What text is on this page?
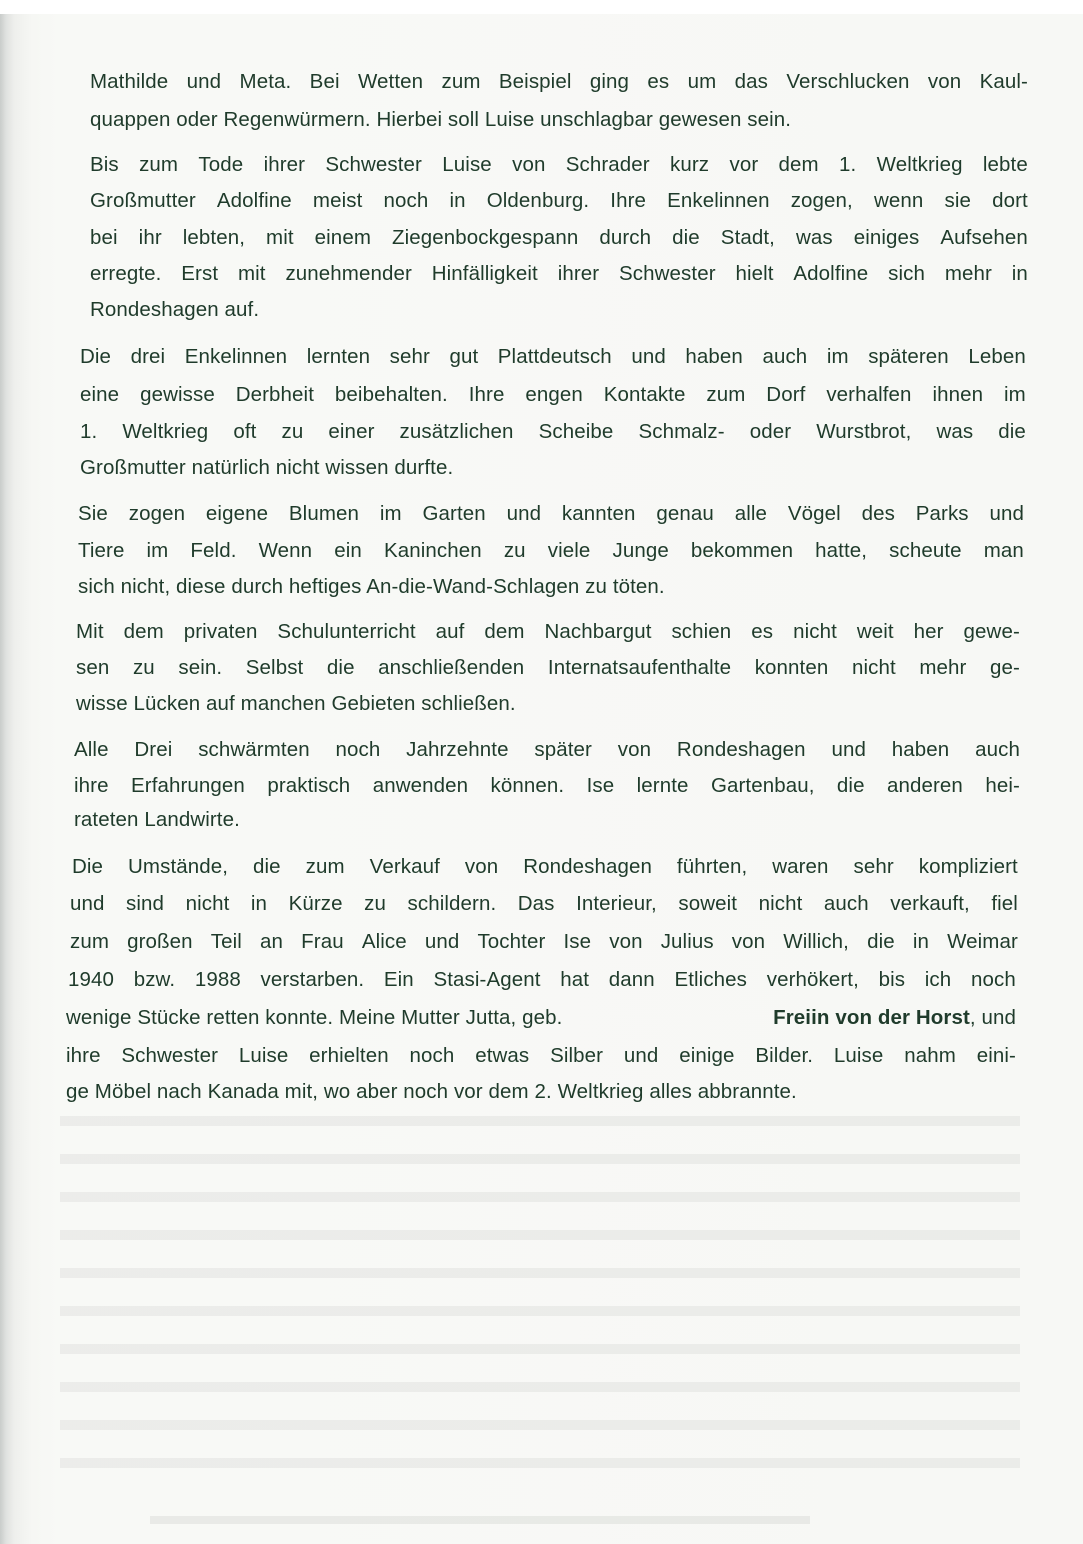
Mathilde und Meta. Bei Wetten zum Beispiel ging es um das Verschlucken von Kaul-
quappen oder Regenwürmern. Hierbei soll Luise unschlagbar gewesen sein.
Bis zum Tode ihrer Schwester Luise von Schrader kurz vor dem 1. Weltkrieg lebte
Großmutter Adolfine meist noch in Oldenburg. Ihre Enkelinnen zogen, wenn sie dort
bei ihr lebten, mit einem Ziegenbockgespann durch die Stadt, was einiges Aufsehen
erregte. Erst mit zunehmender Hinfälligkeit ihrer Schwester hielt Adolfine sich mehr in
Rondeshagen auf.
Die drei Enkelinnen lernten sehr gut Plattdeutsch und haben auch im späteren Leben
eine gewisse Derbheit beibehalten. Ihre engen Kontakte zum Dorf verhalfen ihnen im
1. Weltkrieg oft zu einer zusätzlichen Scheibe Schmalz- oder Wurstbrot, was die
Großmutter natürlich nicht wissen durfte.
Sie zogen eigene Blumen im Garten und kannten genau alle Vögel des Parks und
Tiere im Feld. Wenn ein Kaninchen zu viele Junge bekommen hatte, scheute man
sich nicht, diese durch heftiges An-die-Wand-Schlagen zu töten.
Mit dem privaten Schulunterricht auf dem Nachbargut schien es nicht weit her gewe-
sen zu sein. Selbst die anschließenden Internatsaufenthalte konnten nicht mehr ge-
wisse Lücken auf manchen Gebieten schließen.
Alle Drei schwärmten noch Jahrzehnte später von Rondeshagen und haben auch
ihre Erfahrungen praktisch anwenden können. Ise lernte Gartenbau, die anderen hei-
rateten Landwirte.
Die Umstände, die zum Verkauf von Rondeshagen führten, waren sehr kompliziert
und sind nicht in Kürze zu schildern. Das Interieur, soweit nicht auch verkauft, fiel
zum großen Teil an Frau Alice und Tochter Ise von Julius von Willich, die in Weimar
1940 bzw. 1988 verstarben. Ein Stasi-Agent hat dann Etliches verhökert, bis ich noch
wenige Stücke retten konnte. Meine Mutter Jutta, geb.	Freiin von der Horst, und
ihre Schwester Luise erhielten noch etwas Silber und einige Bilder. Luise nahm eini-
ge Möbel nach Kanada mit, wo aber noch vor dem 2. Weltkrieg alles abbrannte.
